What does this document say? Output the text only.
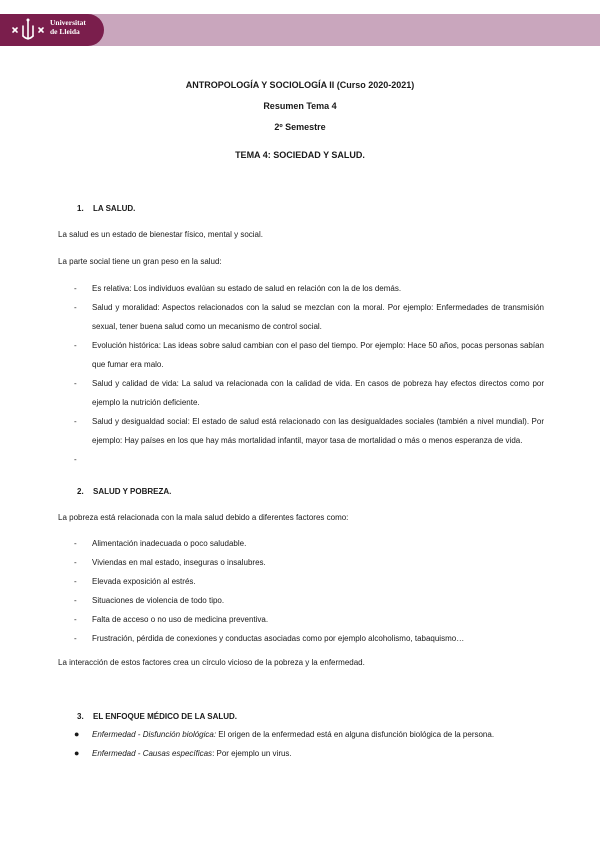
Universitat
de Lleida
ANTROPOLOGÍA Y SOCIOLOGÍA II (Curso 2020-2021)
Resumen Tema 4
2º Semestre
TEMA 4: SOCIEDAD Y SALUD.
1. LA SALUD.
La salud es un estado de bienestar físico, mental y social.
La parte social tiene un gran peso en la salud:
- Es relativa: Los individuos evalúan su estado de salud en relación con la de los demás.
- Salud y moralidad: Aspectos relacionados con la salud se mezclan con la moral. Por ejemplo: Enfermedades de transmisión sexual, tener buena salud como un mecanismo de control social.
- Evolución histórica: Las ideas sobre salud cambian con el paso del tiempo. Por ejemplo: Hace 50 años, pocas personas sabían que fumar era malo.
- Salud y calidad de vida: La salud va relacionada con la calidad de vida. En casos de pobreza hay efectos directos como por ejemplo la nutrición deficiente.
- Salud y desigualdad social: El estado de salud está relacionado con las desigualdades sociales (también a nivel mundial). Por ejemplo: Hay países en los que hay más mortalidad infantil, mayor tasa de mortalidad o más o menos esperanza de vida.
-
2. SALUD Y POBREZA.
La pobreza está relacionada con la mala salud debido a diferentes factores como:
- Alimentación inadecuada o poco saludable.
- Viviendas en mal estado, inseguras o insalubres.
- Elevada exposición al estrés.
- Situaciones de violencia de todo tipo.
- Falta de acceso o no uso de medicina preventiva.
- Frustración, pérdida de conexiones y conductas asociadas como por ejemplo alcoholismo, tabaquismo…
La interacción de estos factores crea un círculo vicioso de la pobreza y la enfermedad.
3. EL ENFOQUE MÉDICO DE LA SALUD.
● Enfermedad - Disfunción biológica: El origen de la enfermedad está en alguna disfunción biológica de la persona.
● Enfermedad - Causas específicas: Por ejemplo un virus.
